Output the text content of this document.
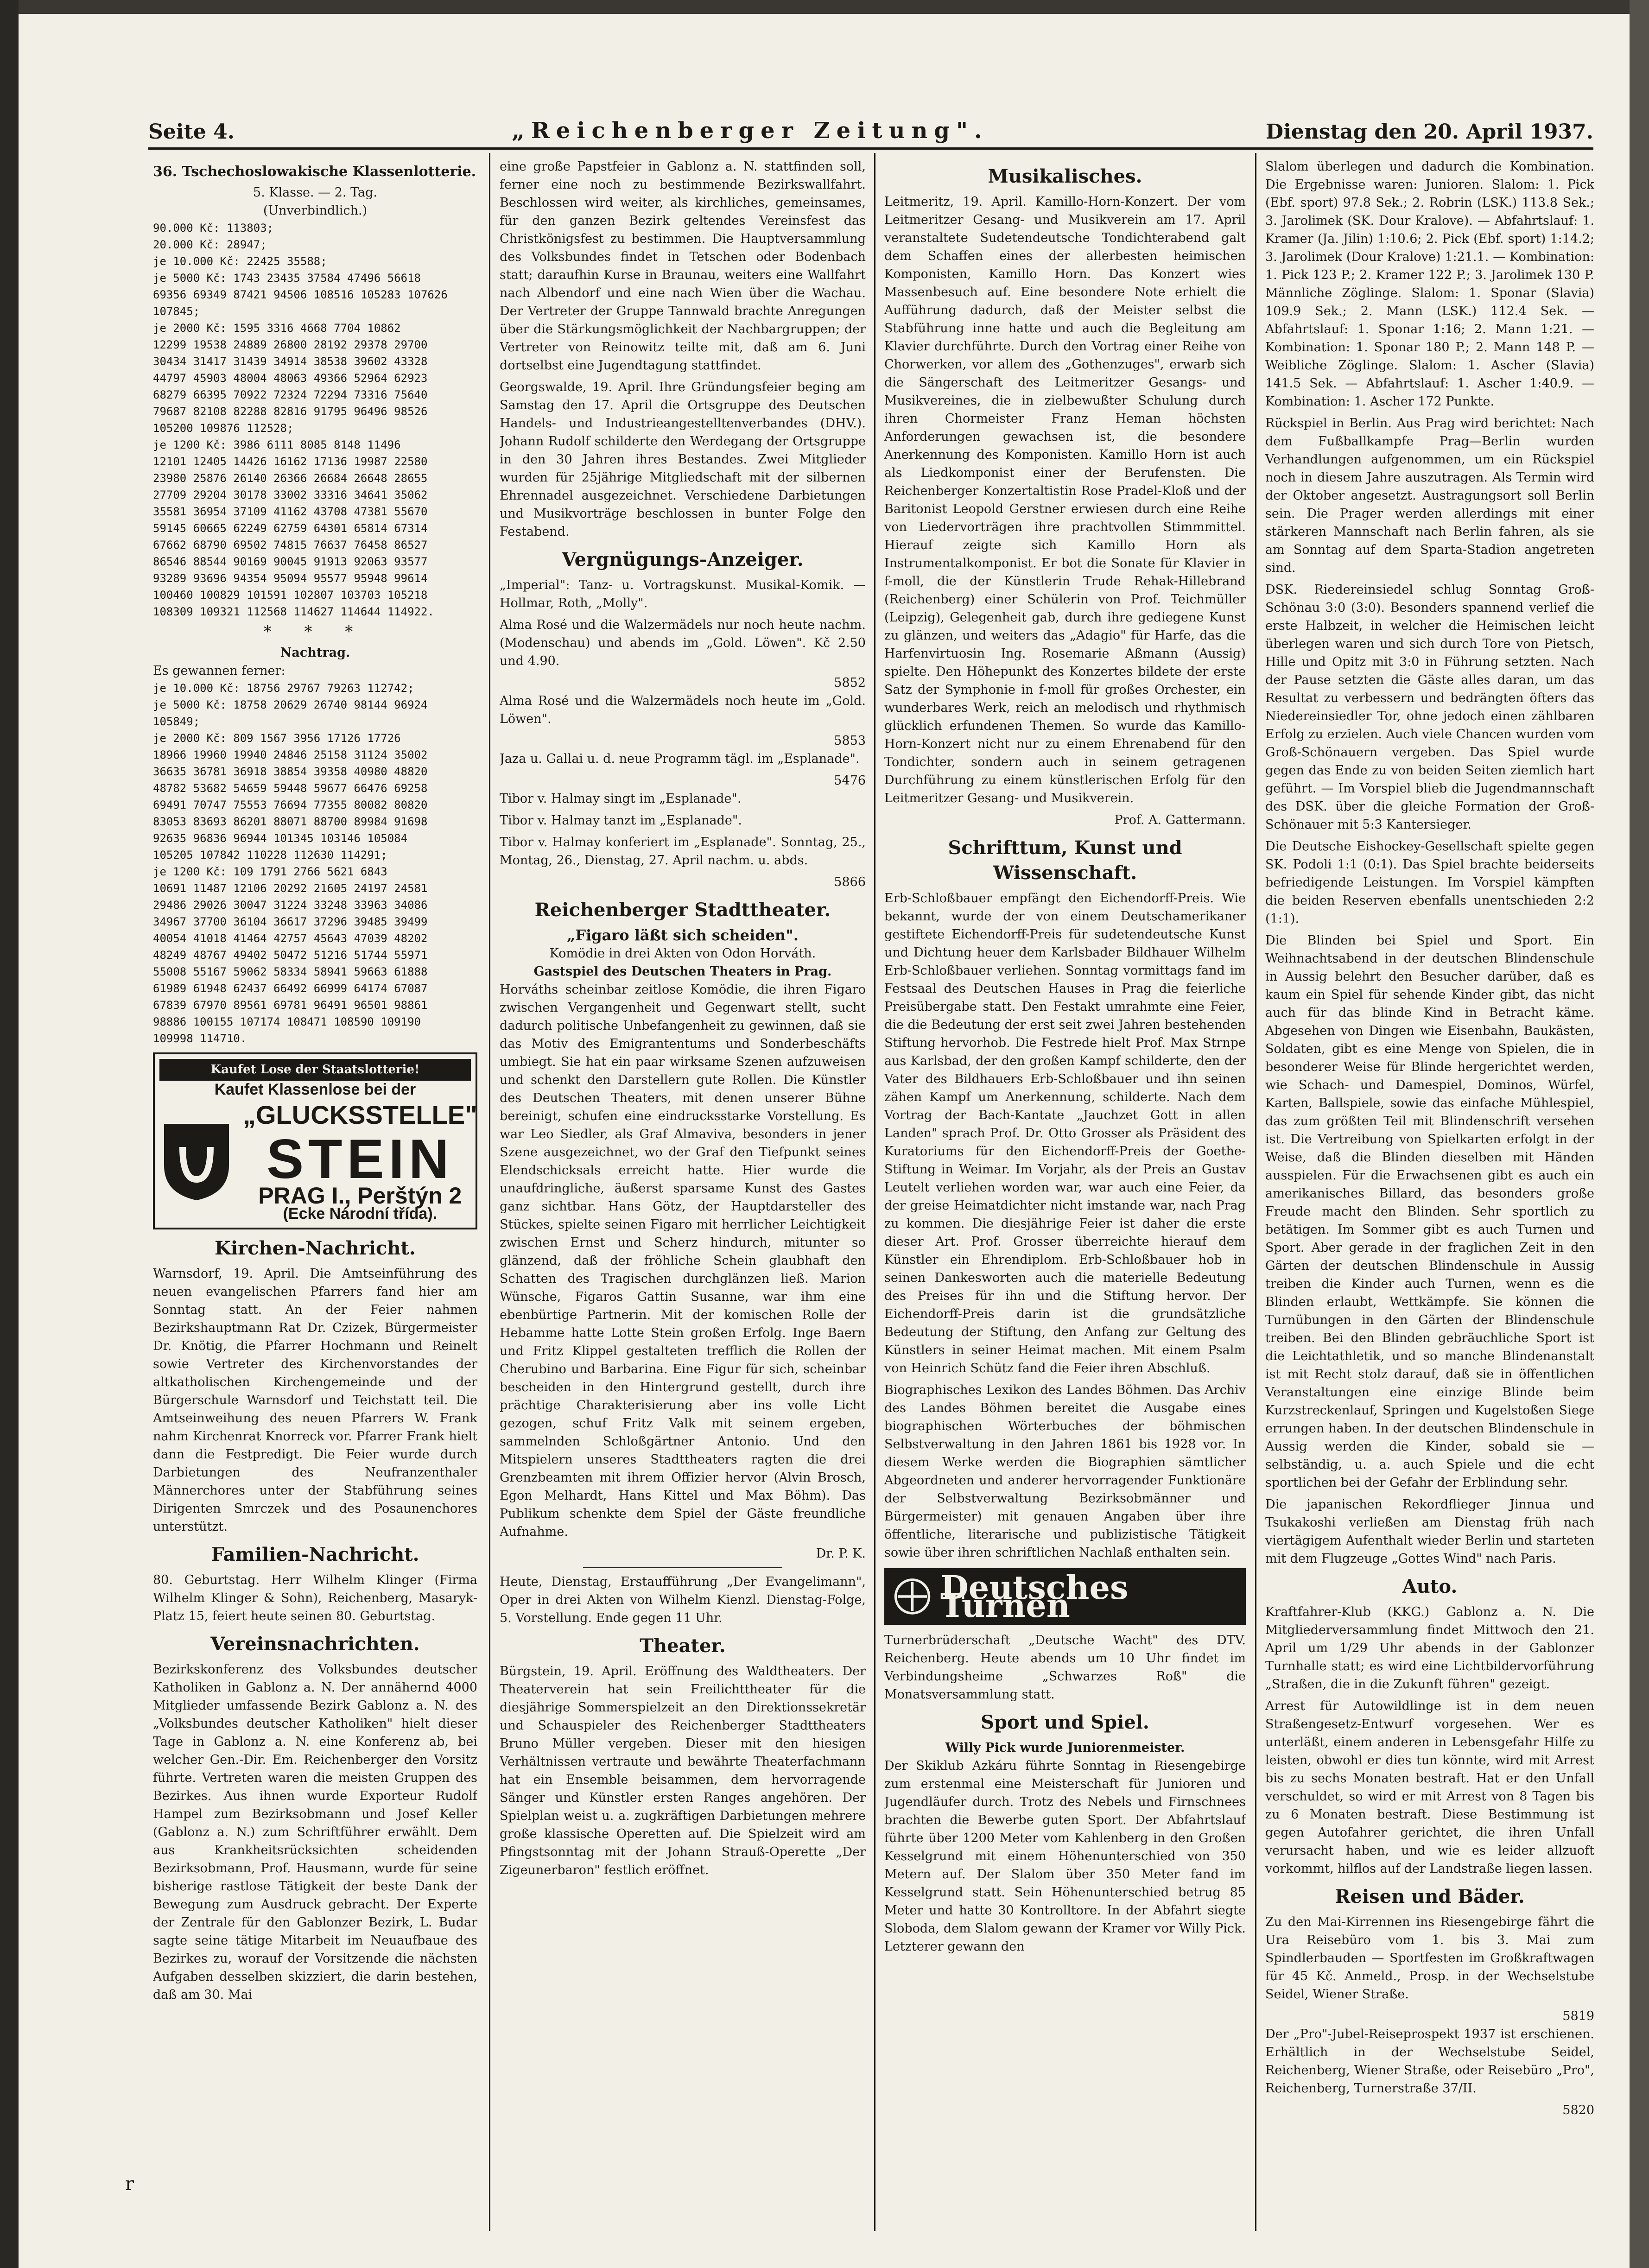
Seite 4.	„Reichenberger Zeitung".	Dienstag den 20. April 1937.
36. Tschechoslowakische Klassenlotterie.
5. Klasse. — 2. Tag.
(Unverbindlich.)
90.000 Kč: 113803;
20.000 Kč: 28947;
je 10.000 Kč: 22425 35588;
je 5000 Kč: 1743 23435 37584 47496 56618
69356 69349 87421 94506 108516 105283 107626
107845;
je 2000 Kč: 1595 3316 4668 7704 10862
12299 19538 24889 26800 28192 29378 29700
30434 31417 31439 34914 38538 39602 43328
44797 45903 48004 48063 49366 52964 62923
68279 66395 70922 72324 72294 73316 75640
79687 82108 82288 82816 91795 96496 98526
105200 109876 112528;
je 1200 Kč: 3986 6111 8085 8148 11496
12101 12405 14426 16162 17136 19987 22580
23980 25876 26140 26366 26684 26648 28655
27709 29204 30178 33002 33316 34641 35062
35581 36954 37109 41162 43708 47381 55670
59145 60665 62249 62759 64301 65814 67314
67662 68790 69502 74815 76637 76458 86527
86546 88544 90169 90045 91913 92063 93577
93289 93696 94354 95094 95577 95948 99614
100460 100829 101591 102807 103703 105218
108309 109321 112568 114627 114644 114922.
* * *
Nachtrag.
Es gewannen ferner:
je 10.000 Kč: 18756 29767 79263 112742;
je 5000 Kč: 18758 20629 26740 98144 96924
105849;
je 2000 Kč: 809 1567 3956 17126 17726
18966 19960 19940 24846 25158 31124 35002
36635 36781 36918 38854 39358 40980 48820
48782 53682 54659 59448 59677 66476 69258
69491 70747 75553 76694 77355 80082 80820
83053 83693 86201 88071 88700 89984 91698
92635 96836 96944 101345 103146 105084
105205 107842 110228 112630 114291;
je 1200 Kč: 109 1791 2766 5621 6843
10691 11487 12106 20292 21605 24197 24581
29486 29026 30047 31224 33248 33963 34086
34967 37700 36104 36617 37296 39485 39499
40054 41018 41464 42757 45643 47039 48202
48249 48767 49402 50472 51216 51744 55971
55008 55167 59062 58334 58941 59663 61888
61989 61948 62437 66492 66999 64174 67087
67839 67970 89561 69781 96491 96501 98861
98886 100155 107174 108471 108590 109190
109998 114710.
Kaufet Lose der Staatslotterie!
Kaufet Klassenlose bei der
„GLUCKSSTELLE"
STEIN
PRAG I., Perštýn 2
(Ecke Národní třída).
Kirchen-Nachricht.

Warnsdorf, 19. April. Die Amtseinführung des neuen evangelischen Pfarrers fand hier am Sonntag statt. An der Feier nahmen Bezirkshauptmann Rat Dr. Czizek, Bürgermeister Dr. Knötig, die Pfarrer Hochmann und Reinelt sowie Vertreter des Kirchenvorstandes der altkatholischen Kirchengemeinde und der Bürgerschule Warnsdorf und Teichstatt teil. Die Amtseinweihung des neuen Pfarrers W. Frank nahm Kirchenrat Knorreck vor. Pfarrer Frank hielt dann die Festpredigt. Die Feier wurde durch Darbietungen des Neufranzenthaler Männerchores unter der Stabführung seines Dirigenten Smrczek und des Posaunenchores unterstützt.

Familien-Nachricht.

80. Geburtstag. Herr Wilhelm Klinger (Firma Wilhelm Klinger & Sohn), Reichenberg, Masaryk-Platz 15, feiert heute seinen 80. Geburtstag.

Vereinsnachrichten.

Bezirkskonferenz des Volksbundes deutscher Katholiken in Gablonz a. N. Der annähernd 4000 Mitglieder umfassende Bezirk Gablonz a. N. des „Volksbundes deutscher Katholiken" hielt dieser Tage in Gablonz a. N. eine Konferenz ab, bei welcher Gen.-Dir. Em. Reichenberger den Vorsitz führte. Vertreten waren die meisten Gruppen des Bezirkes. Aus ihnen wurde Exporteur Rudolf Hampel zum Bezirksobmann und Josef Keller (Gablonz a. N.) zum Schriftführer erwählt. Dem aus Krankheitsrücksichten scheidenden Bezirksobmann, Prof. Hausmann, wurde für seine bisherige rastlose Tätigkeit der beste Dank der Bewegung zum Ausdruck gebracht. Der Experte der Zentrale für den Gablonzer Bezirk, L. Budar sagte seine tätige Mitarbeit im Neuaufbaue des Bezirkes zu, worauf der Vorsitzende die nächsten Aufgaben desselben skizziert, die darin bestehen, daß am 30. Mai

eine große Papstfeier in Gablonz a. N. stattfinden soll, ferner eine noch zu bestimmende Bezirkswallfahrt. Beschlossen wird weiter, als kirchliches, gemeinsames, für den ganzen Bezirk geltendes Vereinsfest das Christkönigsfest zu bestimmen. Die Hauptversammlung des Volksbundes findet in Tetschen oder Bodenbach statt; daraufhin Kurse in Braunau, weiters eine Wallfahrt nach Albendorf und eine nach Wien über die Wachau. Der Vertreter der Gruppe Tannwald brachte Anregungen über die Stärkungsmöglichkeit der Nachbargruppen; der Vertreter von Reinowitz teilte mit, daß am 6. Juni dortselbst eine Jugendtagung stattfindet.

Georgswalde, 19. April. Ihre Gründungsfeier beging am Samstag den 17. April die Ortsgruppe des Deutschen Handels- und Industrieangestelltenverbandes (DHV.). Johann Rudolf schilderte den Werdegang der Ortsgruppe in den 30 Jahren ihres Bestandes. Zwei Mitglieder wurden für 25jährige Mitgliedschaft mit der silbernen Ehrennadel ausgezeichnet. Verschiedene Darbietungen und Musikvorträge beschlossen in bunter Folge den Festabend.

Vergnügungs-Anzeiger.

„Imperial": Tanz- u. Vortragskunst. Musikal-Komik. — Hollmar, Roth, „Molly".

Alma Rosé und die Walzermädels nur noch heute nachm. (Modenschau) und abends im „Gold. Löwen". Kč 2.50 und 4.90.

5852

Alma Rosé und die Walzermädels noch heute im „Gold. Löwen".

5853

Jaza u. Gallai u. d. neue Programm tägl. im „Esplanade".

5476

Tibor v. Halmay singt im „Esplanade".

Tibor v. Halmay tanzt im „Esplanade".

Tibor v. Halmay konferiert im „Esplanade". Sonntag, 25., Montag, 26., Dienstag, 27. April nachm. u. abds.

5866
Reichenberger Stadttheater.
„Figaro läßt sich scheiden".
Komödie in drei Akten von Odon Horváth.
Gastspiel des Deutschen Theaters in Prag.

Horváths scheinbar zeitlose Komödie, die ihren Figaro zwischen Vergangenheit und Gegenwart stellt, sucht dadurch politische Unbefangenheit zu gewinnen, daß sie das Motiv des Emigrantentums und Sonderbeschäfts umbiegt. Sie hat ein paar wirksame Szenen aufzuweisen und schenkt den Darstellern gute Rollen. Die Künstler des Deutschen Theaters, mit denen unserer Bühne bereinigt, schufen eine eindrucksstarke Vorstellung. Es war Leo Siedler, als Graf Almaviva, besonders in jener Szene ausgezeichnet, wo der Graf den Tiefpunkt seines Elendschicksals erreicht hatte. Hier wurde die unaufdringliche, äußerst sparsame Kunst des Gastes ganz sichtbar. Hans Götz, der Hauptdarsteller des Stückes, spielte seinen Figaro mit herrlicher Leichtigkeit zwischen Ernst und Scherz hindurch, mitunter so glänzend, daß der fröhliche Schein glaubhaft den Schatten des Tragischen durchglänzen ließ. Marion Wünsche, Figaros Gattin Susanne, war ihm eine ebenbürtige Partnerin. Mit der komischen Rolle der Hebamme hatte Lotte Stein großen Erfolg. Inge Baern und Fritz Klippel gestalteten trefflich die Rollen der Cherubino und Barbarina. Eine Figur für sich, scheinbar bescheiden in den Hintergrund gestellt, durch ihre prächtige Charakterisierung aber ins volle Licht gezogen, schuf Fritz Valk mit seinem ergeben, sammelnden Schloßgärtner Antonio. Und den Mitspielern unseres Stadttheaters ragten die drei Grenzbeamten mit ihrem Offizier hervor (Alvin Brosch, Egon Melhardt, Hans Kittel und Max Böhm). Das Publikum schenkte dem Spiel der Gäste freundliche Aufnahme.

Dr. P. K.

Heute, Dienstag, Erstaufführung „Der Evangelimann", Oper in drei Akten von Wilhelm Kienzl. Dienstag-Folge, 5. Vorstellung. Ende gegen 11 Uhr.

Theater.

Bürgstein, 19. April. Eröffnung des Waldtheaters. Der Theaterverein hat sein Freilichttheater für die diesjährige Sommerspielzeit an den Direktionssekretär und Schauspieler des Reichenberger Stadttheaters Bruno Müller vergeben. Dieser mit den hiesigen Verhältnissen vertraute und bewährte Theaterfachmann hat ein Ensemble beisammen, dem hervorragende Sänger und Künstler ersten Ranges angehören. Der Spielplan weist u. a. zugkräftigen Darbietungen mehrere große klassische Operetten auf. Die Spielzeit wird am Pfingstsonntag mit der Johann Strauß-Operette „Der Zigeunerbaron" festlich eröffnet.

Musikalisches.

Leitmeritz, 19. April. Kamillo-Horn-Konzert. Der vom Leitmeritzer Gesang- und Musikverein am 17. April veranstaltete Sudetendeutsche Tondichterabend galt dem Schaffen eines der allerbesten heimischen Komponisten, Kamillo Horn. Das Konzert wies Massenbesuch auf. Eine besondere Note erhielt die Aufführung dadurch, daß der Meister selbst die Stabführung inne hatte und auch die Begleitung am Klavier durchführte. Durch den Vortrag einer Reihe von Chorwerken, vor allem des „Gothenzuges", erwarb sich die Sängerschaft des Leitmeritzer Gesangs- und Musikvereines, die in zielbewußter Schulung durch ihren Chormeister Franz Heman höchsten Anforderungen gewachsen ist, die besondere Anerkennung des Komponisten. Kamillo Horn ist auch als Liedkomponist einer der Berufensten. Die Reichenberger Konzertaltistin Rose Pradel-Kloß und der Baritonist Leopold Gerstner erwiesen durch eine Reihe von Liedervorträgen ihre prachtvollen Stimmmittel. Hierauf zeigte sich Kamillo Horn als Instrumentalkomponist. Er bot die Sonate für Klavier in f-moll, die der Künstlerin Trude Rehak-Hillebrand (Reichenberg) einer Schülerin von Prof. Teichmüller (Leipzig), Gelegenheit gab, durch ihre gediegene Kunst zu glänzen, und weiters das „Adagio" für Harfe, das die Harfenvirtuosin Ing. Rosemarie Aßmann (Aussig) spielte. Den Höhepunkt des Konzertes bildete der erste Satz der Symphonie in f-moll für großes Orchester, ein wunderbares Werk, reich an melodisch und rhythmisch glücklich erfundenen Themen. So wurde das Kamillo-Horn-Konzert nicht nur zu einem Ehrenabend für den Tondichter, sondern auch in seinem getragenen Durchführung zu einem künstlerischen Erfolg für den Leitmeritzer Gesang- und Musikverein.

Prof. A. Gattermann.
Schrifttum, Kunst und Wissenschaft.

Erb-Schloßbauer empfängt den Eichendorff-Preis. Wie bekannt, wurde der von einem Deutschamerikaner gestiftete Eichendorff-Preis für sudetendeutsche Kunst und Dichtung heuer dem Karlsbader Bildhauer Wilhelm Erb-Schloßbauer verliehen. Sonntag vormittags fand im Festsaal des Deutschen Hauses in Prag die feierliche Preisübergabe statt. Den Festakt umrahmte eine Feier, die die Bedeutung der erst seit zwei Jahren bestehenden Stiftung hervorhob. Die Festrede hielt Prof. Max Strnpe aus Karlsbad, der den großen Kampf schilderte, den der Vater des Bildhauers Erb-Schloßbauer und ihn seinen zähen Kampf um Anerkennung, schilderte. Nach dem Vortrag der Bach-Kantate „Jauchzet Gott in allen Landen" sprach Prof. Dr. Otto Grosser als Präsident des Kuratoriums für den Eichendorff-Preis der Goethe-Stiftung in Weimar. Im Vorjahr, als der Preis an Gustav Leutelt verliehen worden war, war auch eine Feier, da der greise Heimatdichter nicht imstande war, nach Prag zu kommen. Die diesjährige Feier ist daher die erste dieser Art. Prof. Grosser überreichte hierauf dem Künstler ein Ehrendiplom. Erb-Schloßbauer hob in seinen Dankesworten auch die materielle Bedeutung des Preises für ihn und die Stiftung hervor. Der Eichendorff-Preis darin ist die grundsätzliche Bedeutung der Stiftung, den Anfang zur Geltung des Künstlers in seiner Heimat machen. Mit einem Psalm von Heinrich Schütz fand die Feier ihren Abschluß.

Biographisches Lexikon des Landes Böhmen. Das Archiv des Landes Böhmen bereitet die Ausgabe eines biographischen Wörterbuches der böhmischen Selbstverwaltung in den Jahren 1861 bis 1928 vor. In diesem Werke werden die Biographien sämtlicher Abgeordneten und anderer hervorragender Funktionäre der Selbstverwaltung Bezirksobmänner und Bürgermeister) mit genauen Angaben über ihre öffentliche, literarische und publizistische Tätigkeit sowie über ihren schriftlichen Nachlaß enthalten sein.

Deutsches Turnen

Turnerbrüderschaft „Deutsche Wacht" des DTV. Reichenberg. Heute abends um 10 Uhr findet im Verbindungsheime „Schwarzes Roß" die Monatsversammlung statt.

Sport und Spiel.
Willy Pick wurde Juniorenmeister.

Der Skiklub Azkáru führte Sonntag in Riesengebirge zum erstenmal eine Meisterschaft für Junioren und Jugendläufer durch. Trotz des Nebels und Firnschnees brachten die Bewerbe guten Sport. Der Abfahrtslauf führte über 1200 Meter vom Kahlenberg in den Großen Kesselgrund mit einem Höhenunterschied von 350 Metern auf. Der Slalom über 350 Meter fand im Kesselgrund statt. Sein Höhenunterschied betrug 85 Meter und hatte 30 Kontrolltore. In der Abfahrt siegte Sloboda, dem Slalom gewann der Kramer vor Willy Pick. Letzterer gewann den

Slalom überlegen und dadurch die Kombination. Die Ergebnisse waren: Junioren. Slalom: 1. Pick (Ebf. sport) 97.8 Sek.; 2. Robrin (LSK.) 113.8 Sek.; 3. Jarolimek (SK. Dour Kralove). — Abfahrtslauf: 1. Kramer (Ja. Jilin) 1:10.6; 2. Pick (Ebf. sport) 1:14.2; 3. Jarolimek (Dour Kralove) 1:21.1. — Kombination: 1. Pick 123 P.; 2. Kramer 122 P.; 3. Jarolimek 130 P. Männliche Zöglinge. Slalom: 1. Sponar (Slavia) 109.9 Sek.; 2. Mann (LSK.) 112.4 Sek. — Abfahrtslauf: 1. Sponar 1:16; 2. Mann 1:21. — Kombination: 1. Sponar 180 P.; 2. Mann 148 P. — Weibliche Zöglinge. Slalom: 1. Ascher (Slavia) 141.5 Sek. — Abfahrtslauf: 1. Ascher 1:40.9. — Kombination: 1. Ascher 172 Punkte.

Rückspiel in Berlin. Aus Prag wird berichtet: Nach dem Fußballkampfe Prag—Berlin wurden Verhandlungen aufgenommen, um ein Rückspiel noch in diesem Jahre auszutragen. Als Termin wird der Oktober angesetzt. Austragungsort soll Berlin sein. Die Prager werden allerdings mit einer stärkeren Mannschaft nach Berlin fahren, als sie am Sonntag auf dem Sparta-Stadion angetreten sind.

DSK. Riedereinsiedel schlug Sonntag Groß-Schönau 3:0 (3:0). Besonders spannend verlief die erste Halbzeit, in welcher die Heimischen leicht überlegen waren und sich durch Tore von Pietsch, Hille und Opitz mit 3:0 in Führung setzten. Nach der Pause setzten die Gäste alles daran, um das Resultat zu verbessern und bedrängten öfters das Niedereinsiedler Tor, ohne jedoch einen zählbaren Erfolg zu erzielen. Auch viele Chancen wurden vom Groß-Schönauern vergeben. Das Spiel wurde gegen das Ende zu von beiden Seiten ziemlich hart geführt. — Im Vorspiel blieb die Jugendmannschaft des DSK. über die gleiche Formation der Groß-Schönauer mit 5:3 Kantersieger.

Die Deutsche Eishockey-Gesellschaft spielte gegen SK. Podoli 1:1 (0:1). Das Spiel brachte beiderseits befriedigende Leistungen. Im Vorspiel kämpften die beiden Reserven ebenfalls unentschieden 2:2 (1:1).

Die Blinden bei Spiel und Sport. Ein Weihnachtsabend in der deutschen Blindenschule in Aussig belehrt den Besucher darüber, daß es kaum ein Spiel für sehende Kinder gibt, das nicht auch für das blinde Kind in Betracht käme. Abgesehen von Dingen wie Eisenbahn, Baukästen, Soldaten, gibt es eine Menge von Spielen, die in besonderer Weise für Blinde hergerichtet werden, wie Schach- und Damespiel, Dominos, Würfel, Karten, Ballspiele, sowie das einfache Mühlespiel, das zum größten Teil mit Blindenschrift versehen ist. Die Vertreibung von Spielkarten erfolgt in der Weise, daß die Blinden dieselben mit Händen ausspielen. Für die Erwachsenen gibt es auch ein amerikanisches Billard, das besonders große Freude macht den Blinden. Sehr sportlich zu betätigen. Im Sommer gibt es auch Turnen und Sport. Aber gerade in der fraglichen Zeit in den Gärten der deutschen Blindenschule in Aussig treiben die Kinder auch Turnen, wenn es die Blinden erlaubt, Wettkämpfe. Sie können die Turnübungen in den Gärten der Blindenschule treiben. Bei den Blinden gebräuchliche Sport ist die Leichtathletik, und so manche Blindenanstalt ist mit Recht stolz darauf, daß sie in öffentlichen Veranstaltungen eine einzige Blinde beim Kurzstreckenlauf, Springen und Kugelstoßen Siege errungen haben. In der deutschen Blindenschule in Aussig werden die Kinder, sobald sie — selbständig, u. a. auch Spiele und die echt sportlichen bei der Gefahr der Erblindung sehr.

Die japanischen Rekordflieger Jinnua und Tsukakoshi verließen am Dienstag früh nach viertägigem Aufenthalt wieder Berlin und starteten mit dem Flugzeuge „Gottes Wind" nach Paris.

Auto.

Kraftfahrer-Klub (KKG.) Gablonz a. N. Die Mitgliederversammlung findet Mittwoch den 21. April um 1/29 Uhr abends in der Gablonzer Turnhalle statt; es wird eine Lichtbildervorführung „Straßen, die in die Zukunft führen" gezeigt.

Arrest für Autowildlinge ist in dem neuen Straßengesetz-Entwurf vorgesehen. Wer es unterläßt, einem anderen in Lebensgefahr Hilfe zu leisten, obwohl er dies tun könnte, wird mit Arrest bis zu sechs Monaten bestraft. Hat er den Unfall verschuldet, so wird er mit Arrest von 8 Tagen bis zu 6 Monaten bestraft. Diese Bestimmung ist gegen Autofahrer gerichtet, die ihren Unfall verursacht haben, und wie es leider allzuoft vorkommt, hilflos auf der Landstraße liegen lassen.

Reisen und Bäder.

Zu den Mai-Kirrennen ins Riesengebirge fährt die Ura Reisebüro vom 1. bis 3. Mai zum Spindlerbauden — Sportfesten im Großkraftwagen für 45 Kč. Anmeld., Prosp. in der Wechselstube Seidel, Wiener Straße.

5819

Der „Pro"-Jubel-Reiseprospekt 1937 ist erschienen. Erhältlich in der Wechselstube Seidel, Reichenberg, Wiener Straße, oder Reisebüro „Pro", Reichenberg, Turnerstraße 37/II.

5820
r
